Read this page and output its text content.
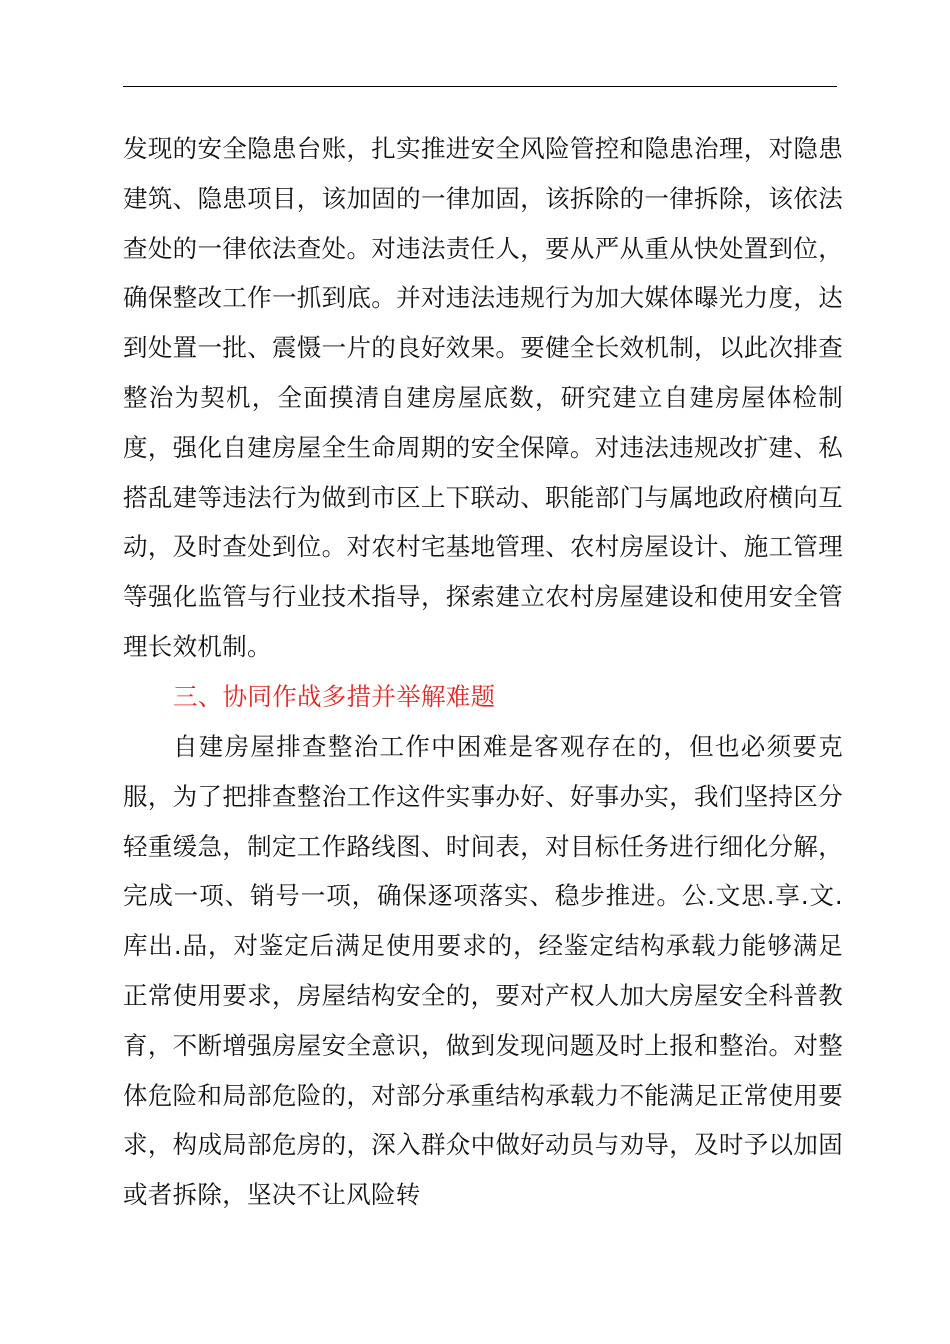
发现的安全隐患台账，扎实推进安全风险管控和隐患治理，对隐患建筑、隐患项目，该加固的一律加固，该拆除的一律拆除，该依法查处的一律依法查处。对违法责任人，要从严从重从快处置到位，确保整改工作一抓到底。并对违法违规行为加大媒体曝光力度，达到处置一批、震慑一片的良好效果。要健全长效机制，以此次排查整治为契机，全面摸清自建房屋底数，研究建立自建房屋体检制度，强化自建房屋全生命周期的安全保障。对违法违规改扩建、私搭乱建等违法行为做到市区上下联动、职能部门与属地政府横向互动，及时查处到位。对农村宅基地管理、农村房屋设计、施工管理等强化监管与行业技术指导，探索建立农村房屋建设和使用安全管理长效机制。

三、协同作战多措并举解难题

自建房屋排查整治工作中困难是客观存在的，但也必须要克服，为了把排查整治工作这件实事办好、好事办实，我们坚持区分轻重缓急，制定工作路线图、时间表，对目标任务进行细化分解，完成一项、销号一项，确保逐项落实、稳步推进。公.文思.享.文.库出.品，对鉴定后满足使用要求的，经鉴定结构承载力能够满足正常使用要求，房屋结构安全的，要对产权人加大房屋安全科普教育，不断增强房屋安全意识，做到发现问题及时上报和整治。对整体危险和局部危险的，对部分承重结构承载力不能满足正常使用要求，构成局部危房的，深入群众中做好动员与劝导，及时予以加固或者拆除，坚决不让风险转
